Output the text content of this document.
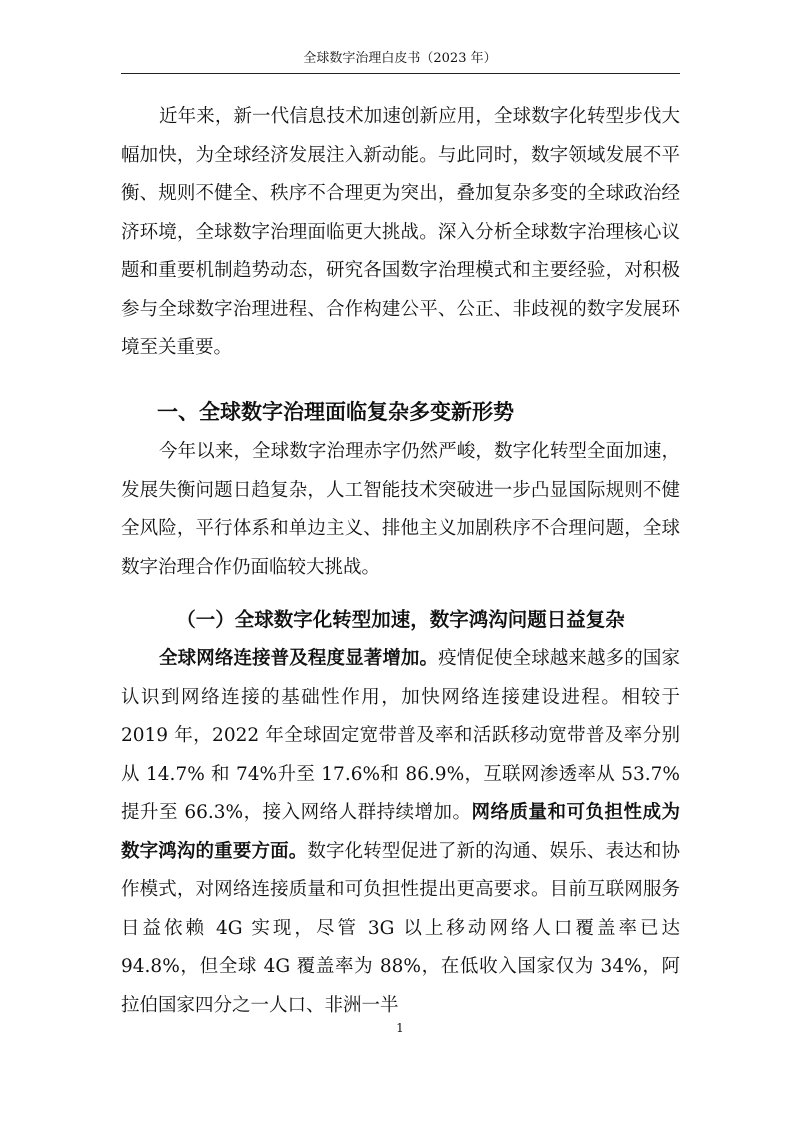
全球数字治理白皮书（2023 年）

近年来，新一代信息技术加速创新应用，全球数字化转型步伐大幅加快，为全球经济发展注入新动能。与此同时，数字领域发展不平衡、规则不健全、秩序不合理更为突出，叠加复杂多变的全球政治经济环境，全球数字治理面临更大挑战。深入分析全球数字治理核心议题和重要机制趋势动态，研究各国数字治理模式和主要经验，对积极参与全球数字治理进程、合作构建公平、公正、非歧视的数字发展环境至关重要。

一、全球数字治理面临复杂多变新形势

今年以来，全球数字治理赤字仍然严峻，数字化转型全面加速，发展失衡问题日趋复杂，人工智能技术突破进一步凸显国际规则不健全风险，平行体系和单边主义、排他主义加剧秩序不合理问题，全球数字治理合作仍面临较大挑战。

（一）全球数字化转型加速，数字鸿沟问题日益复杂

全球网络连接普及程度显著增加。疫情促使全球越来越多的国家认识到网络连接的基础性作用，加快网络连接建设进程。相较于 2019 年，2022 年全球固定宽带普及率和活跃移动宽带普及率分别从 14.7% 和 74%升至 17.6%和 86.9%，互联网渗透率从 53.7%提升至 66.3%，接入网络人群持续增加。网络质量和可负担性成为数字鸿沟的重要方面。数字化转型促进了新的沟通、娱乐、表达和协作模式，对网络连接质量和可负担性提出更高要求。目前互联网服务日益依赖 4G 实现，尽管 3G 以上移动网络人口覆盖率已达 94.8%，但全球 4G 覆盖率为 88%，在低收入国家仅为 34%，阿拉伯国家四分之一人口、非洲一半

1
